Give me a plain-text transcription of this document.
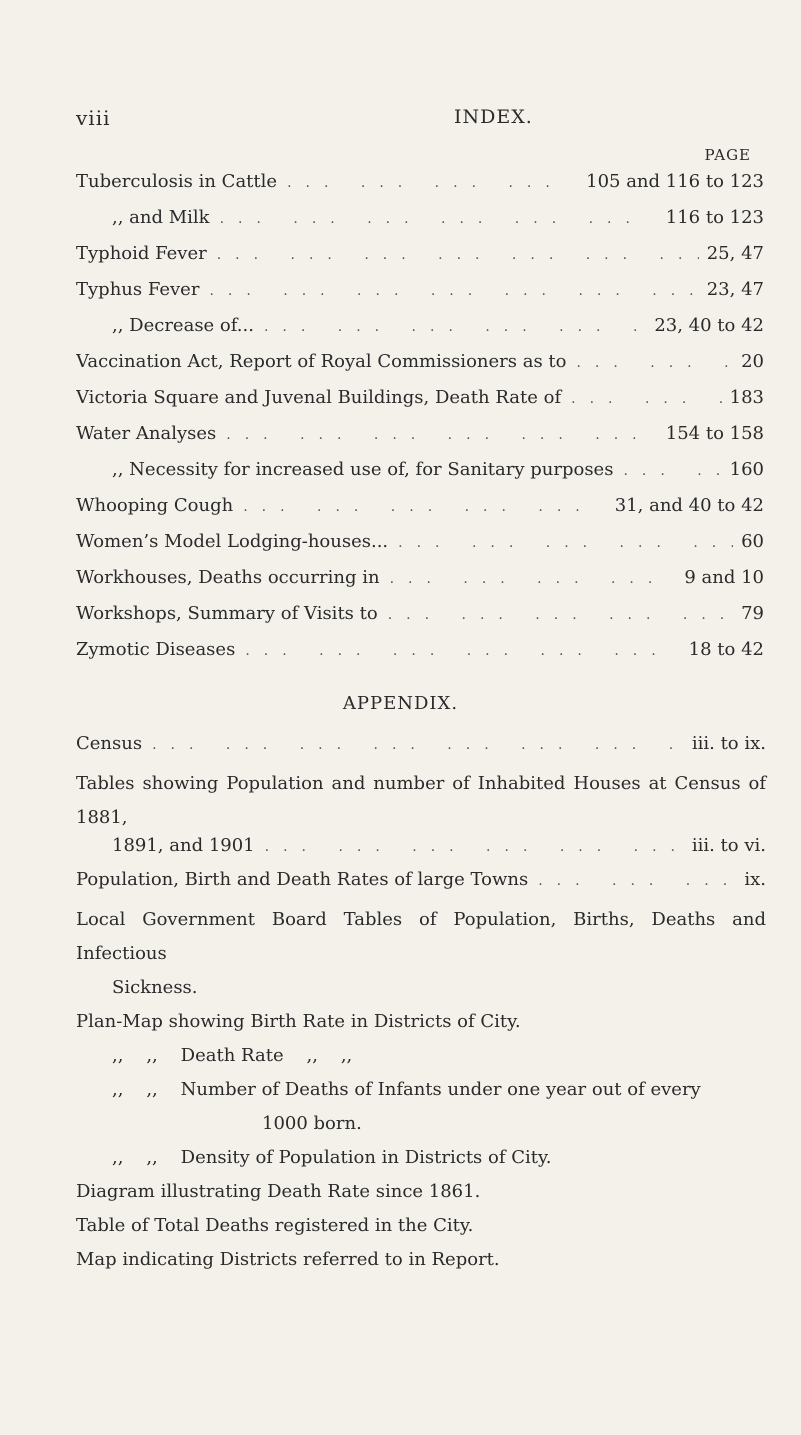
viii	INDEX.
PAGE
Tuberculosis in Cattle ... .	105 and 116 to 123
,, and Milk ... .	116 to 123
Typhoid Fever ... .	25, 47
Typhus Fever ... .	23, 47
,, Decrease of... ... .	23, 40 to 42
Vaccination Act, Report of Royal Commissioners as to ... .	20
Victoria Square and Juvenal Buildings, Death Rate of ... .	183
Water Analyses ... .	154 to 158
,, Necessity for increased use of, for Sanitary purposes ... .	160
Whooping Cough ... .	31, and 40 to 42
Women’s Model Lodging-houses... ... .	60
Workhouses, Deaths occurring in ... .	9 and 10
Workshops, Summary of Visits to ... .	79
Zymotic Diseases ... .	18 to 42
APPENDIX.
Census ... .	iii. to ix.
Tables showing Population and number of Inhabited Houses at Census of 1881,
1891, and 1901 ... .	iii. to vi.
Population, Birth and Death Rates of large Towns ... .	ix.
Local Government Board Tables of Population, Births, Deaths and Infectious
Sickness.
Plan-Map showing Birth Rate in Districts of City.
,,    ,,    Death Rate    ,,    ,,
,,    ,,    Number of Deaths of Infants under one year out of every
1000 born.
,,    ,,    Density of Population in Districts of City.
Diagram illustrating Death Rate since 1861.
Table of Total Deaths registered in the City.
Map indicating Districts referred to in Report.
